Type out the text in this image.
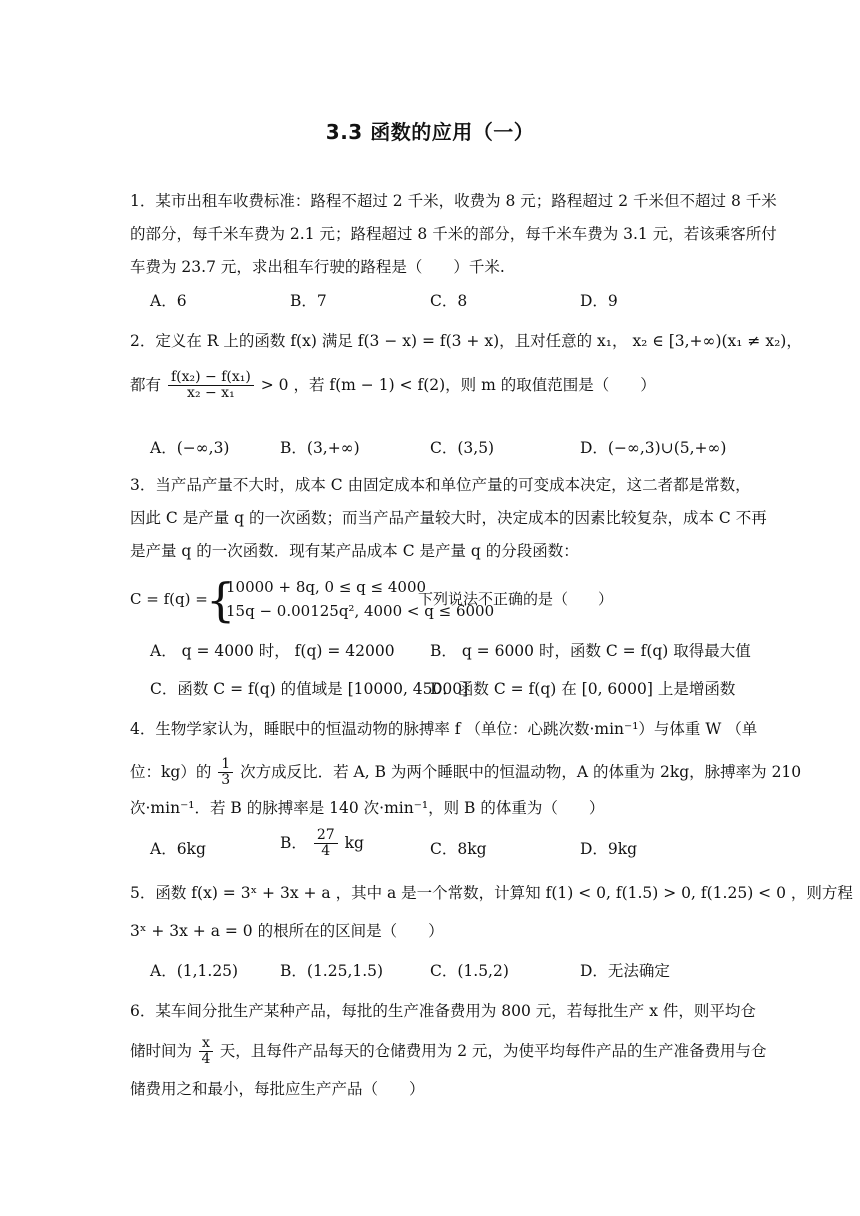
3.3 函数的应用（一）
1．某市出租车收费标准：路程不超过 2 千米，收费为 8 元；路程超过 2 千米但不超过 8 千米
的部分，每千米车费为 2.1 元；路程超过 8 千米的部分，每千米车费为 3.1 元，若该乘客所付
车费为 23.7 元，求出租车行驶的路程是（　　）千米.
A．6	B．7	C．8	D．9
2．定义在 R 上的函数 f(x) 满足 f(3 − x) = f(3 + x)，且对任意的 x₁， x₂ ∈ [3,+∞)(x₁ ≠ x₂)，
都有 $\frac{\text{f(x₂) − f(x₁)}}{\text{x₂ − x₁}} > 0$ ，若 f(m − 1) < f(2)，则 m 的取值范围是（　　）
A．(−∞,3)	B．(3,+∞)	C．(3,5)	D．(−∞,3)∪(5,+∞)
3．当产品产量不大时，成本 C 由固定成本和单位产量的可变成本决定，这二者都是常数，
因此 C 是产量 q 的一次函数；而当产品产量较大时，决定成本的因素比较复杂，成本 C 不再
是产量 q 的一次函数．现有某产品成本 C 是产量 q 的分段函数：
C = f(q) =
{
10000 + 8q, 0 ≤ q ≤ 4000
15q − 0.00125q², 4000 < q ≤ 6000
下列说法不正确的是（　　）
A． q = 4000 时， f(q) = 42000 B． q = 6000 时，函数 C = f(q) 取得最大值
C．函数 C = f(q) 的值域是 [10000, 45000]
D．函数 C = f(q) 在 [0, 6000] 上是增函数
4．生物学家认为，睡眠中的恒温动物的脉搏率 f （单位：心跳次数·min⁻¹）与体重 W （单
位：kg）的 $\frac{1}{3}$ 次方成反比．若 A, B 为两个睡眠中的恒温动物，A 的体重为 2kg，脉搏率为 210
次·min⁻¹．若 B 的脉搏率是 140 次·min⁻¹，则 B 的体重为（　　）
A．6kg	B． $\frac{27}{4}$ kg	C．8kg	D．9kg
5．函数 f(x) = 3ˣ + 3x + a ，其中 a 是一个常数，计算知 f(1) < 0, f(1.5) > 0, f(1.25) < 0 ，则方程
3ˣ + 3x + a = 0 的根所在的区间是（　　）
A．(1,1.25)	B．(1.25,1.5)	C．(1.5,2)	D．无法确定
6．某车间分批生产某种产品，每批的生产准备费用为 800 元，若每批生产 x 件，则平均仓
储时间为 $\frac{x}{4}$ 天，且每件产品每天的仓储费用为 2 元，为使平均每件产品的生产准备费用与仓
储费用之和最小，每批应生产产品（　　）
